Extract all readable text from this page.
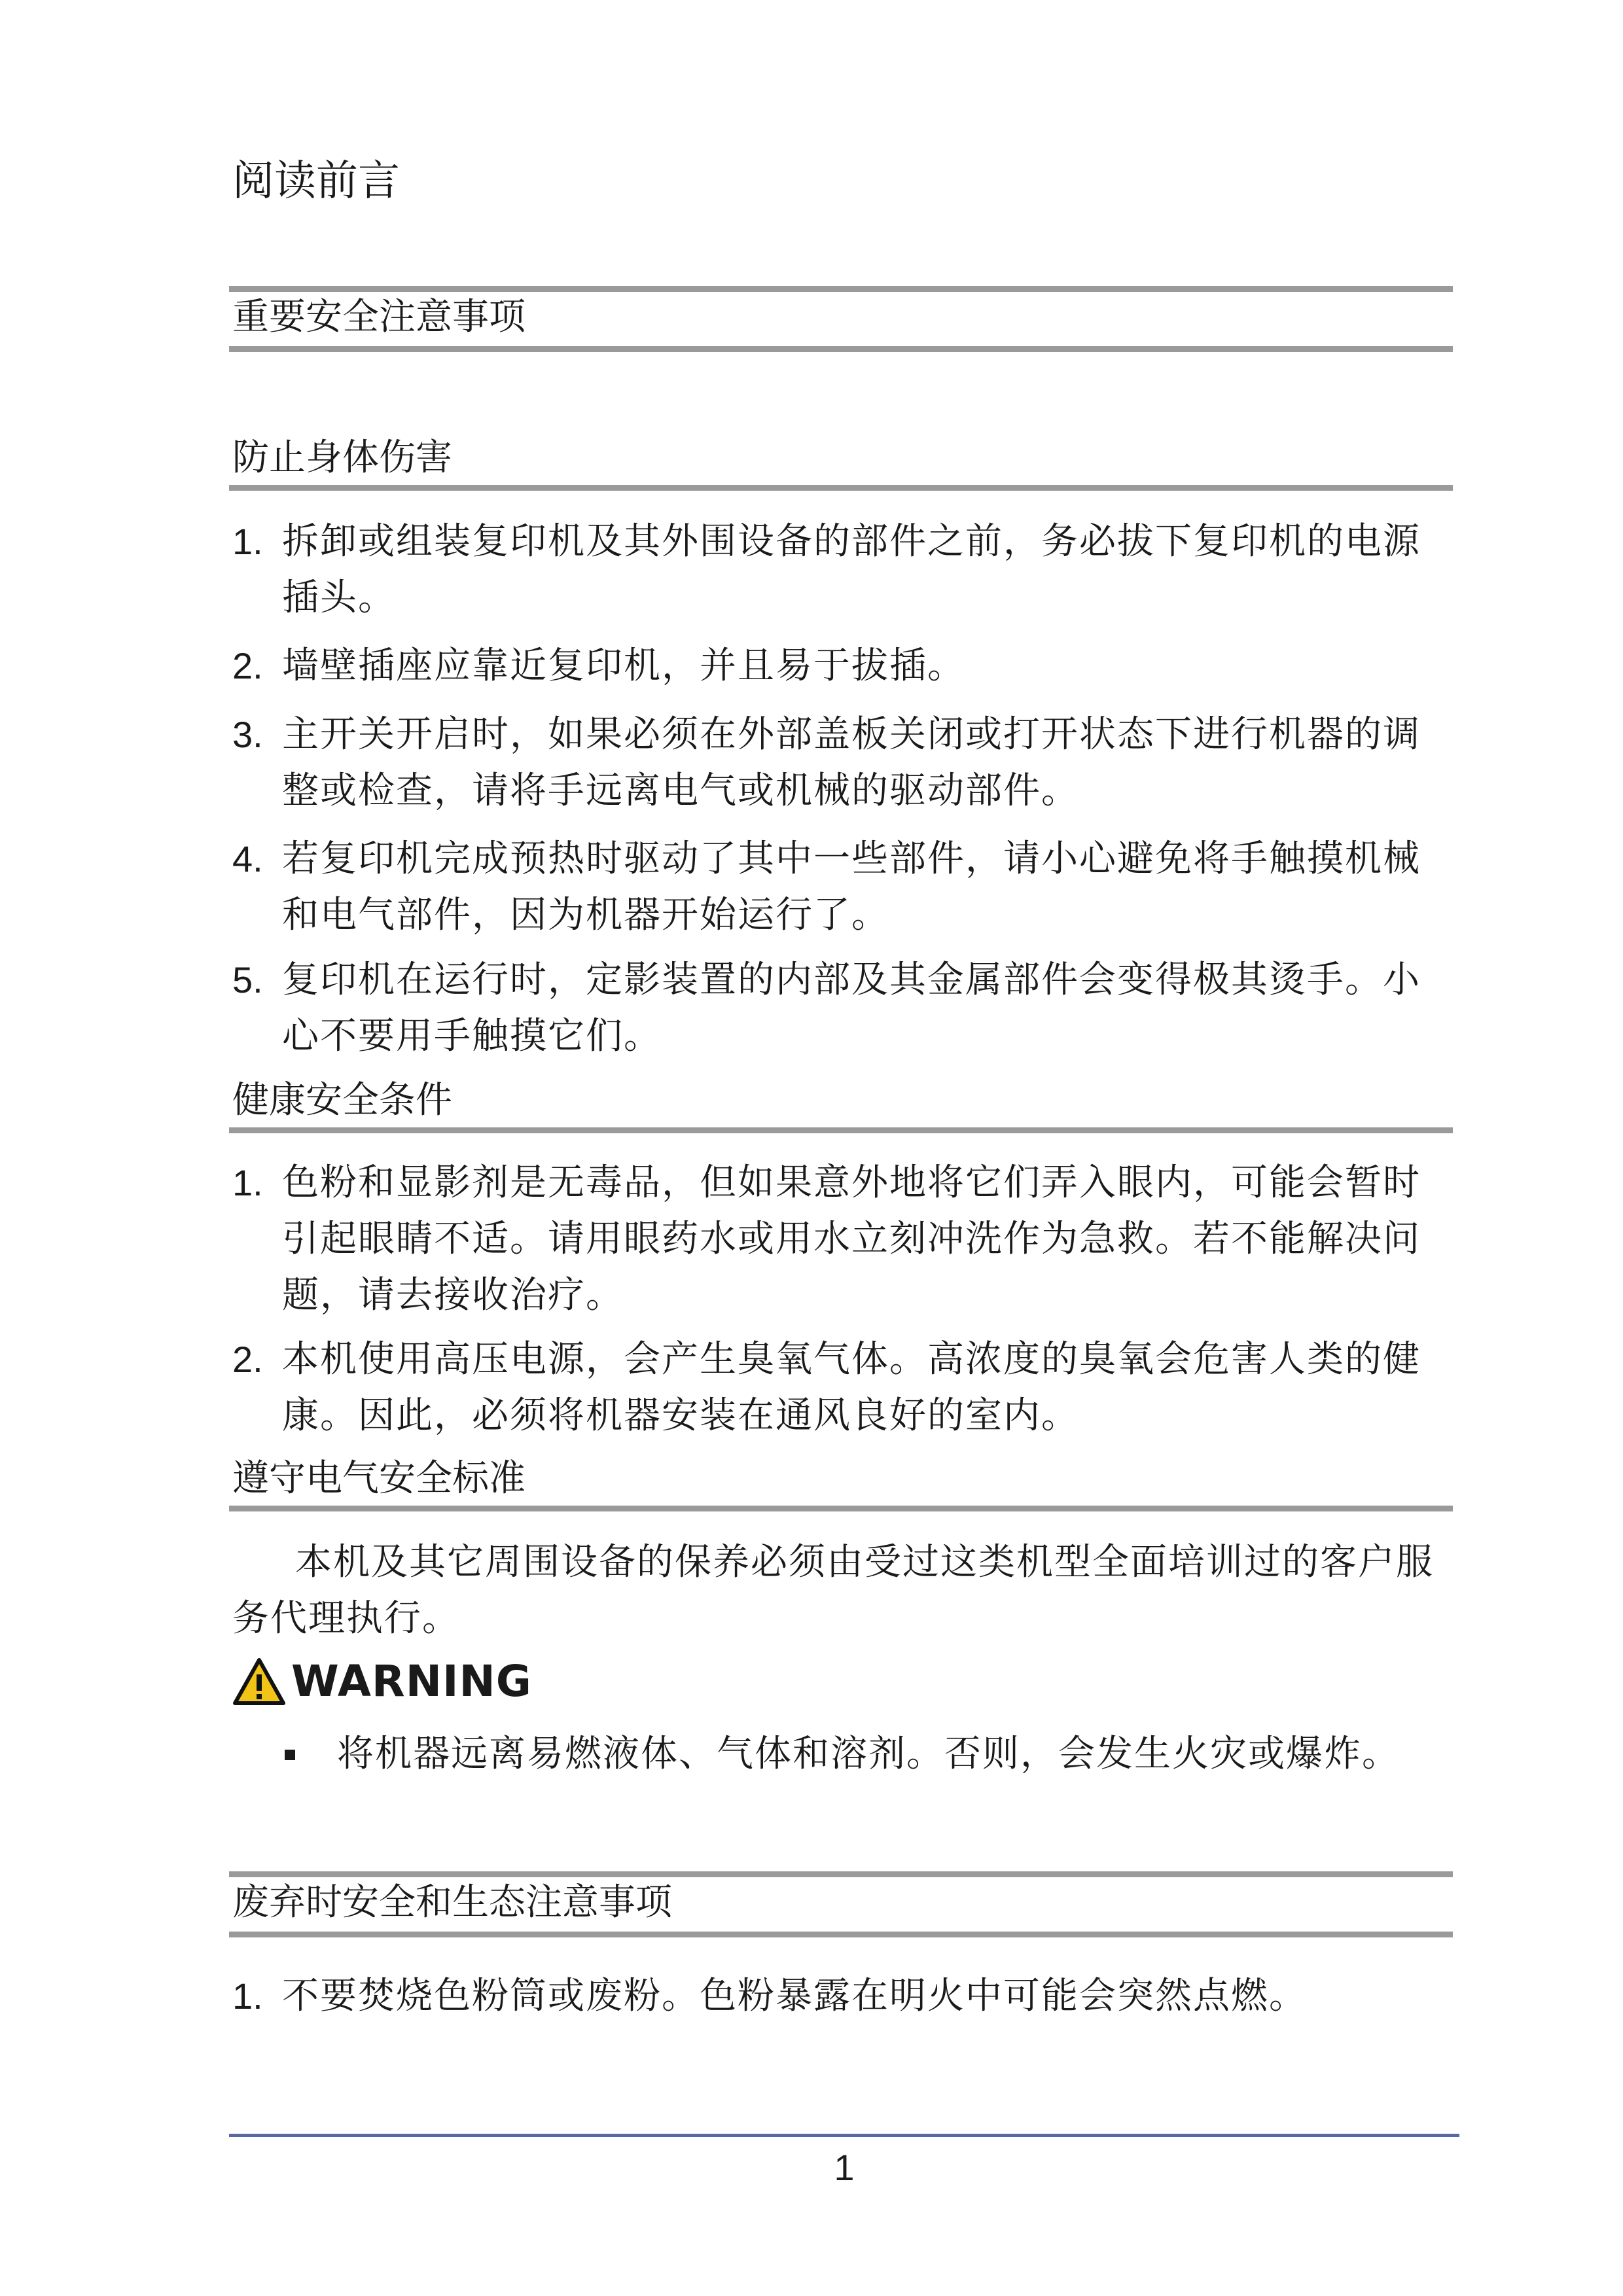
阅读前言
重要安全注意事项
防止身体伤害
1. 拆卸或组装复印机及其外围设备的部件之前，务必拔下复印机的电源插头。
2. 墙壁插座应靠近复印机，并且易于拔插。
3. 主开关开启时，如果必须在外部盖板关闭或打开状态下进行机器的调整或检查，请将手远离电气或机械的驱动部件。
4. 若复印机完成预热时驱动了其中一些部件，请小心避免将手触摸机械和电气部件，因为机器开始运行了。
5. 复印机在运行时，定影装置的内部及其金属部件会变得极其烫手。小心不要用手触摸它们。
健康安全条件
1. 色粉和显影剂是无毒品，但如果意外地将它们弄入眼内，可能会暂时引起眼睛不适。请用眼药水或用水立刻冲洗作为急救。若不能解决问题，请去接收治疗。
2. 本机使用高压电源，会产生臭氧气体。高浓度的臭氧会危害人类的健康。因此，必须将机器安装在通风良好的室内。
遵守电气安全标准
本机及其它周围设备的保养必须由受过这类机型全面培训过的客户服务代理执行。
WARNING
将机器远离易燃液体、气体和溶剂。否则，会发生火灾或爆炸。
废弃时安全和生态注意事项
1. 不要焚烧色粉筒或废粉。色粉暴露在明火中可能会突然点燃。
1
